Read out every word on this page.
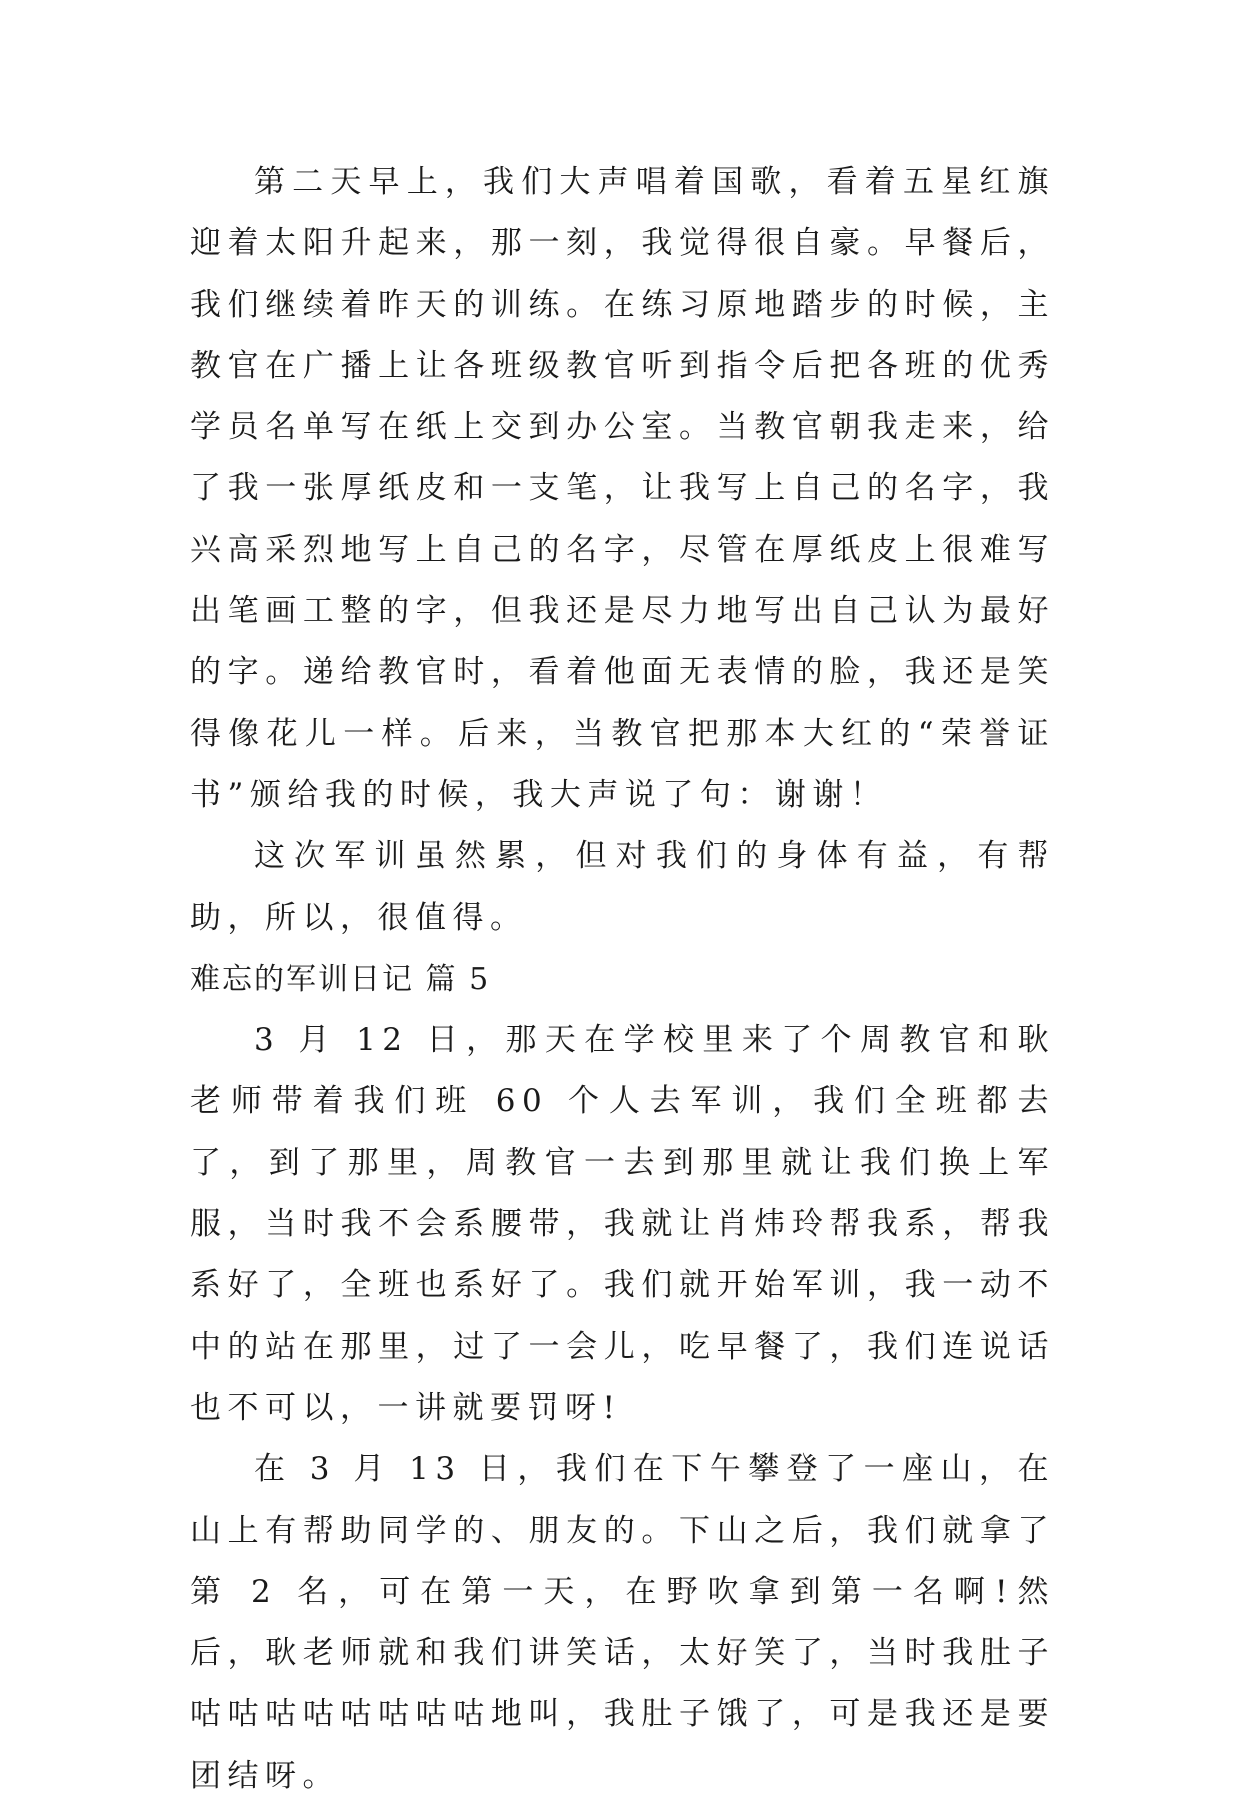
第二天早上，我们大声唱着国歌，看着五星红旗迎着太阳升起来，那一刻，我觉得很自豪。早餐后，我们继续着昨天的训练。在练习原地踏步的时候，主教官在广播上让各班级教官听到指令后把各班的优秀学员名单写在纸上交到办公室。当教官朝我走来，给了我一张厚纸皮和一支笔，让我写上自己的名字，我兴高采烈地写上自己的名字，尽管在厚纸皮上很难写出笔画工整的字，但我还是尽力地写出自己认为最好的字。递给教官时，看着他面无表情的脸，我还是笑得像花儿一样。后来，当教官把那本大红的“荣誉证书”颁给我的时候，我大声说了句：谢谢！

这次军训虽然累，但对我们的身体有益，有帮助，所以，很值得。

难忘的军训日记 篇 5

3 月 12 日，那天在学校里来了个周教官和耿老师带着我们班 60 个人去军训，我们全班都去了，到了那里，周教官一去到那里就让我们换上军服，当时我不会系腰带，我就让肖炜玲帮我系，帮我系好了，全班也系好了。我们就开始军训，我一动不中的站在那里，过了一会儿，吃早餐了，我们连说话也不可以，一讲就要罚呀!

在 3 月 13 日，我们在下午攀登了一座山，在山上有帮助同学的、朋友的。下山之后，我们就拿了第 2 名，可在第一天，在野吹拿到第一名啊!然后，耿老师就和我们讲笑话，太好笑了，当时我肚子咕咕咕咕咕咕咕咕地叫，我肚子饿了，可是我还是要团结呀。
